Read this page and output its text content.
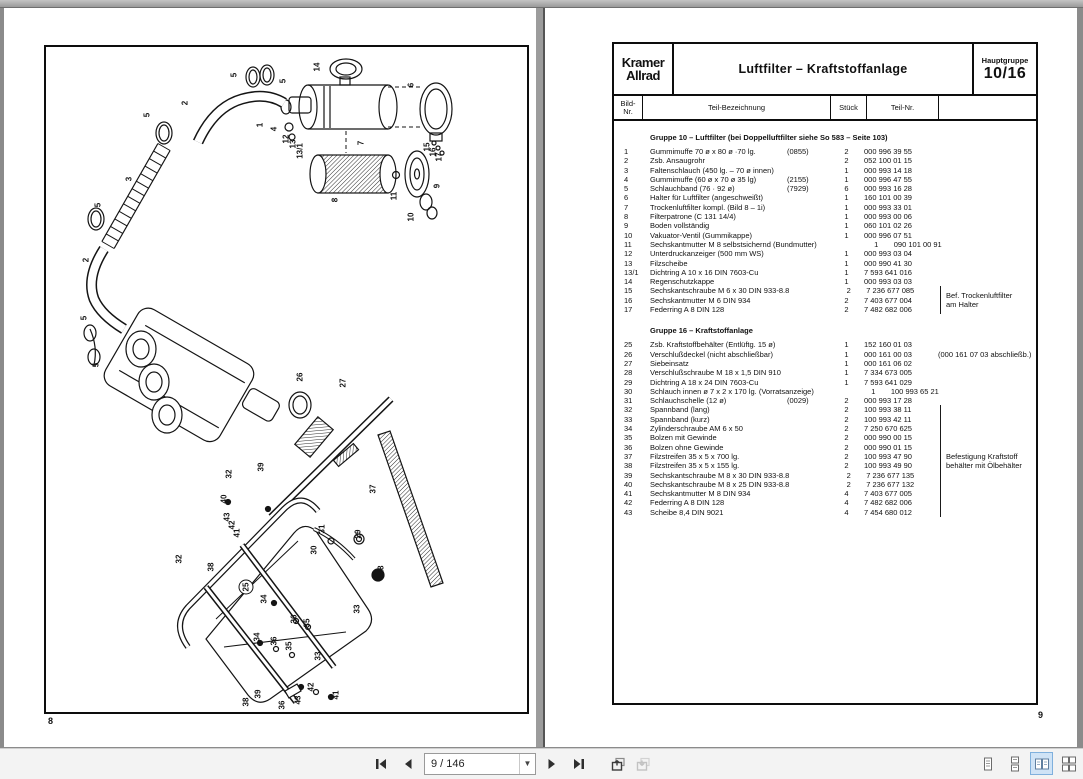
14
5
5
2
1
4
12
13
13/1
6
15
16
17
7
8
9
11
10
5
3
5
2
5
5
26
27
37
39
40
43
42
41
38
32
32
25
31
30
29
28
33
34
36 35
34 36
35
33
39
43
42
41
36
38
8
Kramer
Allrad	Luftfilter – Kraftstoffanlage
Hauptgruppe
10/16
Bild-
Nr.	Teil-Bezeichnung	Stück	Teil-Nr.
Gruppe 10 – Luftfilter (bei Doppelluftfilter siehe So 583 – Seite 103)
1	Gummimuffe 70 ø x 80 ø ·70 lg.	(0855)	2	000 996 39 55
2	Zsb. Ansaugrohr	2	052 100 01 15
3	Faltenschlauch (450 lg. – 70 ø innen)	1	000 993 14 18
4	Gummimuffe (60 ø x 70 ø 35 lg)	(2155)	1	000 996 47 55
5	Schlauchband (76 · 92 ø)	(7929)	6	000 993 16 28
6	Halter für Luftfilter (angeschweißt)	1	160 101 00 39
7	Trockenluftfilter kompl. (Bild 8 – 1i)	1	000 993 33 01
8	Filterpatrone (C 131 14/4)	1	000 993 00 06
9	Boden vollständig	1	060 101 02 26
10	Vakuator-Ventil (Gummikappe)	1	000 996 07 51
11	Sechskantmutter M 8 selbstsichernd (Bundmutter)	1	090 101 00 91
12	Unterdruckanzeiger (500 mm WS)	1	000 993 03 04
13	Filzscheibe	1	000 990 41 30
13/1	Dichtring A 10 x 16 DIN 7603-Cu	1	7 593 641 016
14	Regenschutzkappe	1	000 993 03 03
15	Sechskantschraube M 6 x 30 DIN 933-8.8	2	7 236 677 085
16	Sechskantmutter M 6 DIN 934	2	7 403 677 004
17	Federring A 8 DIN 128	2	7 482 682 006
Gruppe 16 – Kraftstoffanlage
25	Zsb. Kraftstoffbehälter (Entlüftg. 15 ø)	1	152 160 01 03
26	Verschlußdeckel (nicht abschließbar)	1	000 161 00 03	(000 161 07 03 abschließb.)
27	Siebeinsatz	1	000 161 06 02
28	Verschlußschraube M 18 x 1,5 DIN 910	1	7 334 673 005
29	Dichtring A 18 x 24 DIN 7603-Cu	1	7 593 641 029
30	Schlauch innen ø 7 x 2 x 170 lg. (Vorratsanzeige)	1	100 993 65 21
31	Schlauchschelle (12 ø)	(0029)	2	000 993 17 28
32	Spannband (lang)	2	100 993 38 11
33	Spannband (kurz)	2	100 993 42 11
34	Zylinderschraube AM 6 x 50	2	7 250 670 625
35	Bolzen mit Gewinde	2	000 990 00 15
36	Bolzen ohne Gewinde	2	000 990 01 15
37	Filzstreifen 35 x 5 x 700 lg.	2	100 993 47 90
38	Filzstreifen 35 x 5 x 155 lg.	2	100 993 49 90
39	Sechskantschraube M 8 x 30 DIN 933-8.8	2	7 236 677 135
40	Sechskantschraube M 8 x 25 DIN 933-8.8	2	7 236 677 132
41	Sechskantmutter M 8 DIN 934	4	7 403 677 005
42	Federring A 8 DIN 128	4	7 482 682 006
43	Scheibe 8,4 DIN 9021	4	7 454 680 012
Bef. Trockenluftfilter
am Halter
Befestigung Kraftstoff
behälter mit Ölbehälter
9
9 / 146	▼
